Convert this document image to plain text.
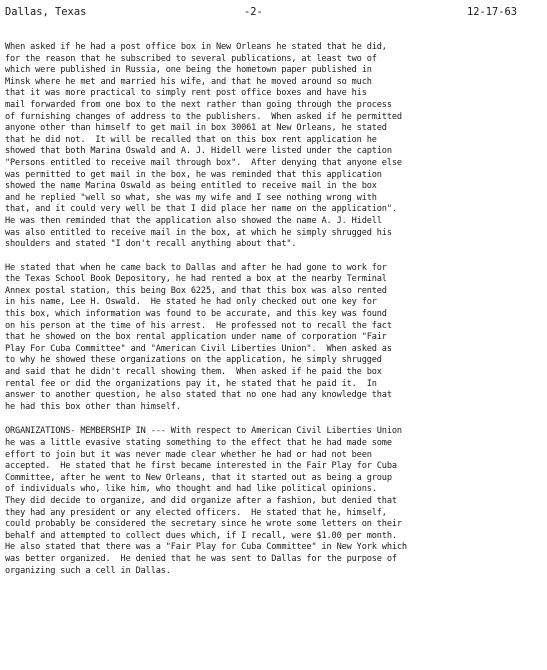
Dallas, Texas	-2-	12-17-63
When asked if he had a post office box in New Orleans he stated that he did,
for the reason that he subscribed to several publications, at least two of
which were published in Russia, one being the hometown paper published in
Minsk where he met and married his wife, and that he moved around so much
that it was more practical to simply rent post office boxes and have his
mail forwarded from one box to the next rather than going through the process
of furnishing changes of address to the publishers.  When asked if he permitted
anyone other than himself to get mail in box 30061 at New Orleans, he stated
that he did not.  It will be recalled that on this box rent application he
showed that both Marina Oswald and A. J. Hidell were listed under the caption
"Persons entitled to receive mail through box".  After denying that anyone else
was permitted to get mail in the box, he was reminded that this application
showed the name Marina Oswald as being entitled to receive mail in the box
and he replied "well so what, she was my wife and I see nothing wrong with
that, and it could very well be that I did place her name on the application".
He was then reminded that the application also showed the name A. J. Hidell
was also entitled to receive mail in the box, at which he simply shrugged his
shoulders and stated "I don't recall anything about that".
He stated that when he came back to Dallas and after he had gone to work for
the Texas School Book Depository, he had rented a box at the nearby Terminal
Annex postal station, this being Box 6225, and that this box was also rented
in his name, Lee H. Oswald.  He stated he had only checked out one key for
this box, which information was found to be accurate, and this key was found
on his person at the time of his arrest.  He professed not to recall the fact
that he showed on the box rental application under name of corporation "Fair
Play For Cuba Committee" and "American Civil Liberties Union".  When asked as
to why he showed these organizations on the application, he simply shrugged
and said that he didn't recall showing them.  When asked if he paid the box
rental fee or did the organizations pay it, he stated that he paid it.  In
answer to another question, he also stated that no one had any knowledge that
he had this box other than himself.
ORGANIZATIONS- MEMBERSHIP IN --- With respect to American Civil Liberties Union
he was a little evasive stating something to the effect that he had made some
effort to join but it was never made clear whether he had or had not been
accepted.  He stated that he first became interested in the Fair Play for Cuba
Committee, after he went to New Orleans, that it started out as being a group
of individuals who, like him, who thought and had like political opinions.
They did decide to organize, and did organize after a fashion, but denied that
they had any president or any elected officers.  He stated that he, himself,
could probably be considered the secretary since he wrote some letters on their
behalf and attempted to collect dues which, if I recall, were $1.00 per month.
He also stated that there was a "Fair Play for Cuba Committee" in New York which
was better organized.  He denied that he was sent to Dallas for the purpose of
organizing such a cell in Dallas.
